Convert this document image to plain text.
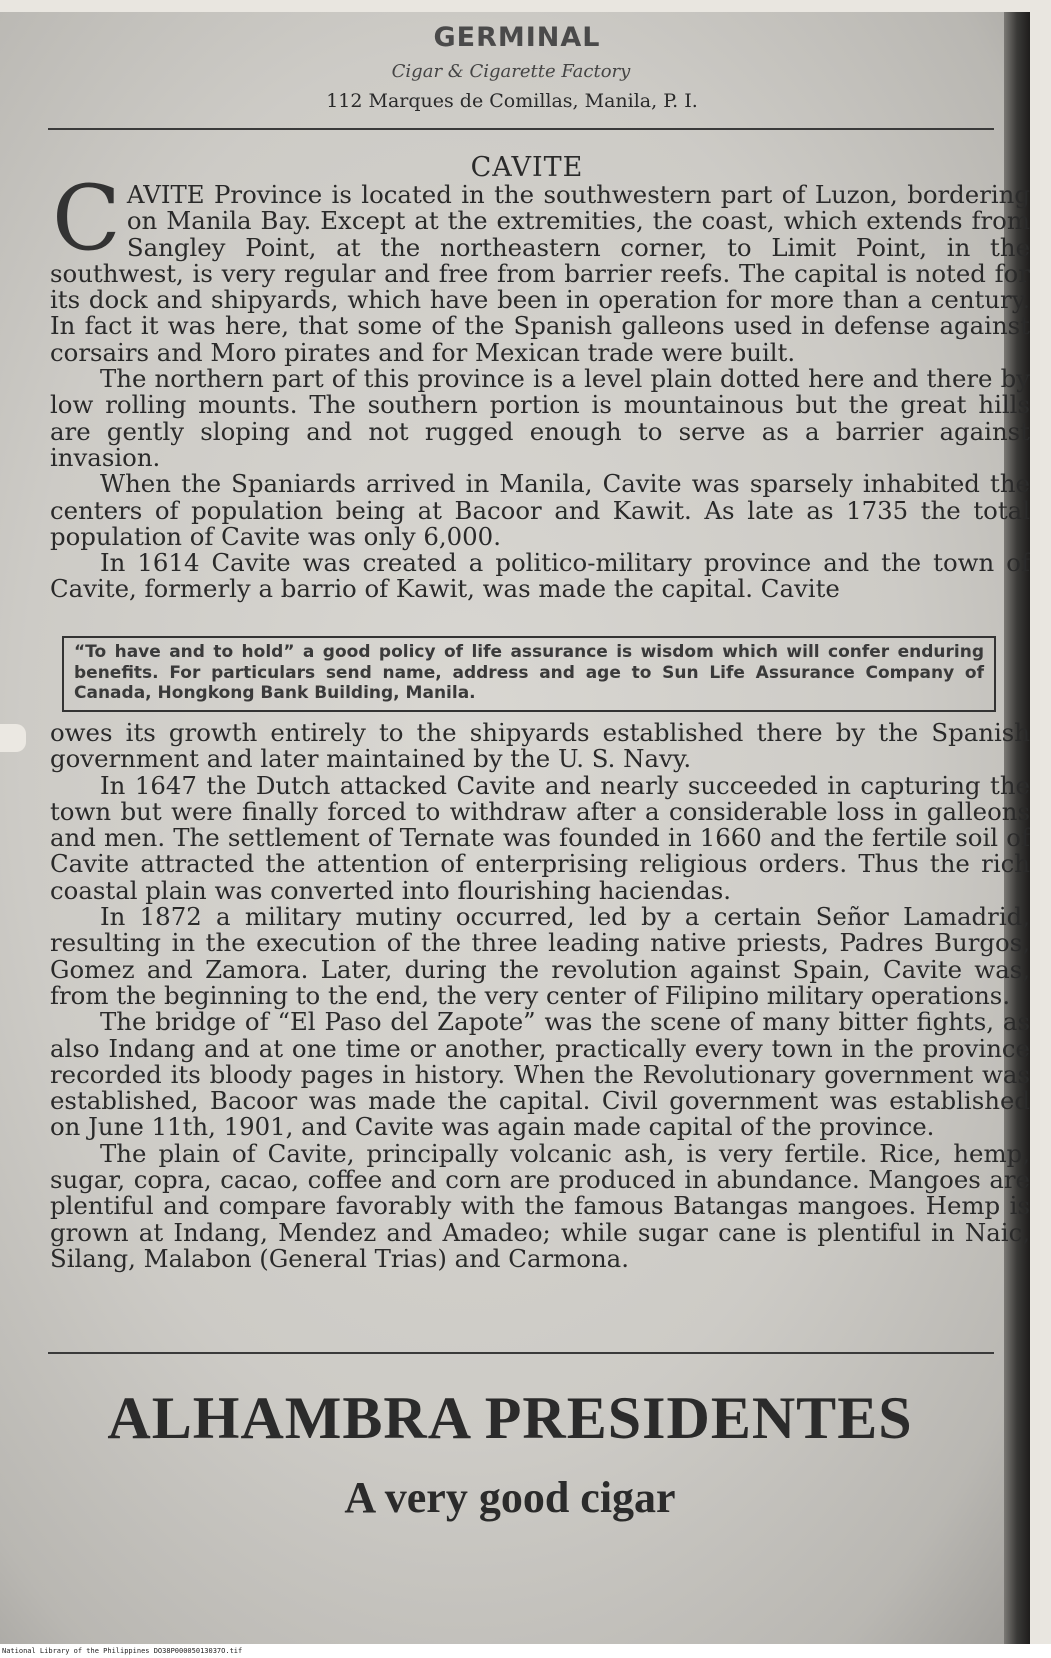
GERMINAL
Cigar & Cigarette Factory
112 Marques de Comillas, Manila, P. I.
CAVITE

CAVITE Province is located in the southwestern part of Luzon, bordering on Manila Bay. Except at the extremities, the coast, which extends from Sangley Point, at the northeastern corner, to Limit Point, in the southwest, is very regular and free from barrier reefs. The capital is noted for its dock and shipyards, which have been in operation for more than a century. In fact it was here, that some of the Spanish galleons used in defense against corsairs and Moro pirates and for Mexican trade were built.

The northern part of this province is a level plain dotted here and there by low rolling mounts. The southern portion is mountainous but the great hills are gently sloping and not rugged enough to serve as a barrier against invasion.

When the Spaniards arrived in Manila, Cavite was sparsely inhabited the centers of population being at Bacoor and Kawit. As late as 1735 the total population of Cavite was only 6,000.

In 1614 Cavite was created a politico-military province and the town of Cavite, formerly a barrio of Kawit, was made the capital. Cavite

“To have and to hold” a good policy of life assurance is wisdom which will confer enduring benefits. For particulars send name, address and age to Sun Life Assurance Company of Canada, Hongkong Bank Building, Manila.

owes its growth entirely to the shipyards established there by the Spanish government and later maintained by the U. S. Navy.

In 1647 the Dutch attacked Cavite and nearly succeeded in capturing the town but were finally forced to withdraw after a considerable loss in galleons and men. The settlement of Ternate was founded in 1660 and the fertile soil of Cavite attracted the attention of enterprising religious orders. Thus the rich coastal plain was converted into flourishing haciendas.

In 1872 a military mutiny occurred, led by a certain Señor Lamadrid, resulting in the execution of the three leading native priests, Padres Burgos, Gomez and Zamora. Later, during the revolution against Spain, Cavite was, from the beginning to the end, the very center of Filipino military operations.

The bridge of “El Paso del Zapote” was the scene of many bitter fights, as also Indang and at one time or another, practically every town in the province recorded its bloody pages in history. When the Revolutionary government was established, Bacoor was made the capital. Civil government was established on June 11th, 1901, and Cavite was again made capital of the province.

The plain of Cavite, principally volcanic ash, is very fertile. Rice, hemp, sugar, copra, cacao, coffee and corn are produced in abundance. Mangoes are plentiful and compare favorably with the famous Batangas mangoes. Hemp is grown at Indang, Mendez and Amadeo; while sugar cane is plentiful in Naic, Silang, Malabon (General Trias) and Carmona.

ALHAMBRA PRESIDENTES
A very good cigar
National Library of the Philippines DO38P00005013037O.tif
